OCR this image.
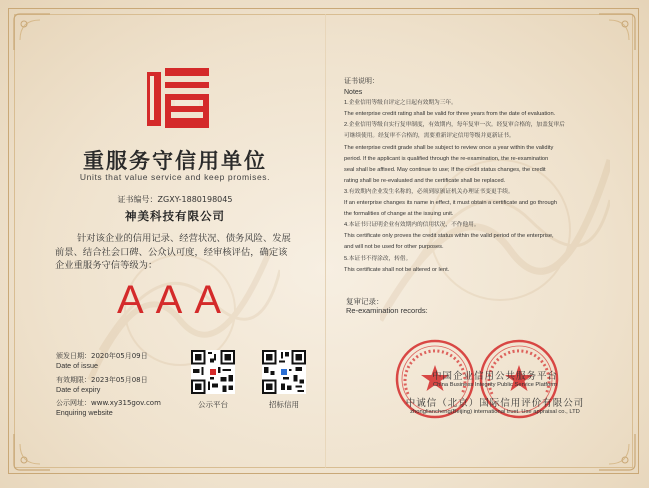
重服务守信用单位
Units that value service and keep promises.
证书编号：ZGXY-1880198045
神美科技有限公司
针对该企业的信用记录、经营状况、债务风险、发展
前景、结合社会口碑、公众认可度，经审核评估，确定该
企业重服务守信等级为：
AAA
颁发日期：2020年05月09日
Date of issue
有效期限：2023年05月08日
Date of expiry
公示网址：www.xy315gov.com
Enquiring website
公示平台	招标信用
证书说明：
Notes
1.企业信用等级自评定之日起有效期为三年。
The enterprise credit rating shall be valid for three years from the date of evaluation.
2.企业信用等级自实行复审制度，有效期内，每年复审一次。经复审合格的，加盖复审后
可继续使用。经复审不合格的，需要重新评定信用等级并更新证书。
The enterprise credit grade shall be subject to review once a year within the validity
period. If the applicant is qualified through the re-examination, the re-examination
seal shall be affixed. May continue to use; If the credit status changes, the credit
rating shall be re-evaluated and the certificate shall be replaced.
3.有效期内企业发生名称的，必须到原颁证机关办理证书变更手续。
If an enterprise changes its name in effect, it must obtain a certificate and go through
the formalities of change at the issuing unit.
4.本证书只证明企业有效期内的信用状况，不作他用。
This certificate only proves the credit status within the valid period of the enterprise,
and will not be used for other purposes.
5.本证书不得涂改，转借。
This certificate shall not be altered or lent.
复审记录：
Re-examination records:
中国企业信用公共服务平台
China Business Integrity Public Service Platform
中诚信（北京）国际信用评价有限公司
zhongliancheng(Beijing) international trust. Use appraisal co., LTD
